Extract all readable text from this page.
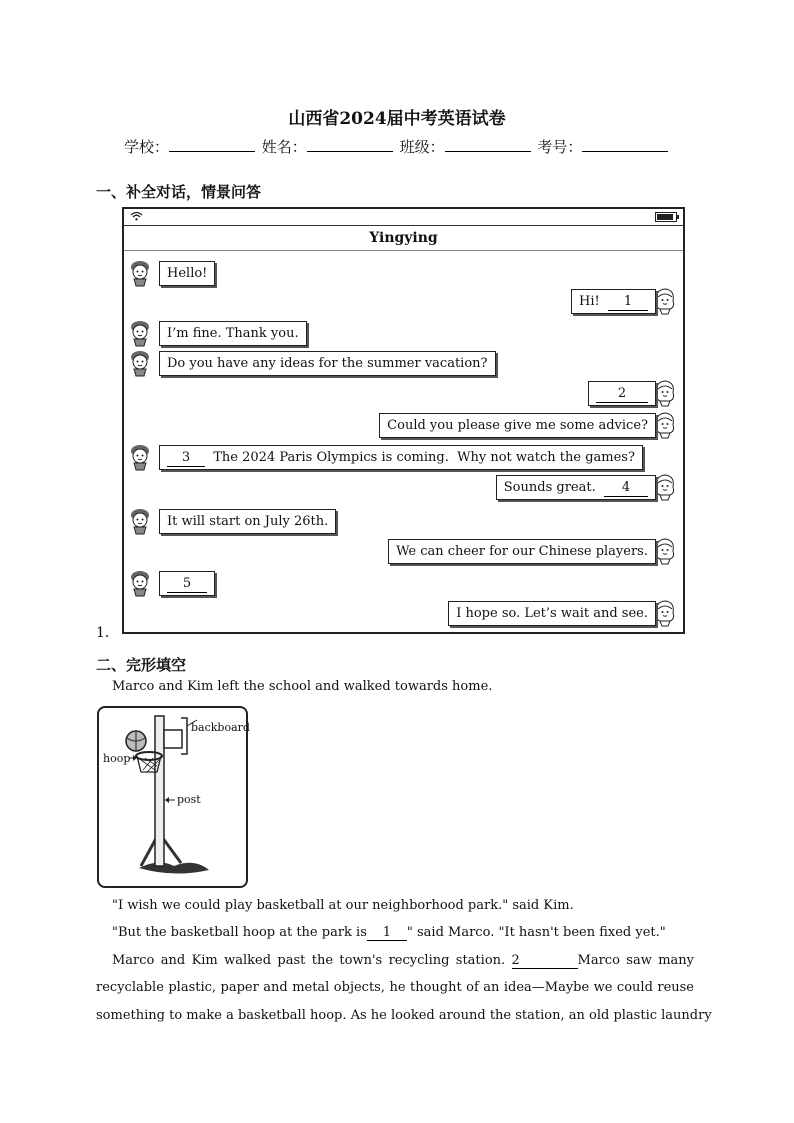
山西省2024届中考英语试卷
学校：	姓名：	班级：	考号：
一、补全对话，情景问答
Yingying
Hello!
Hi!  1
I’m fine. Thank you.
Do you have any ideas for the summer vacation?
2
Could you please give me some advice?
3  The 2024 Paris Olympics is coming.  Why not watch the games?
Sounds great.  4
It will start on July 26th.
We can cheer for our Chinese players.
5
I hope so. Let’s wait and see.
1．
二、完形填空
Marco and Kim left the school and walked towards home.
backboard
hoop
post
"I wish we could play basketball at our neighborhood park." said Kim.
"But the basketball hoop at the park is 1 " said Marco. "It hasn't been fixed yet."
Marco and Kim walked past the town's recycling station. 2	Marco saw many
recyclable plastic, paper and metal objects, he thought of an idea—Maybe we could reuse
something to make a basketball hoop. As he looked around the station, an old plastic laundry
